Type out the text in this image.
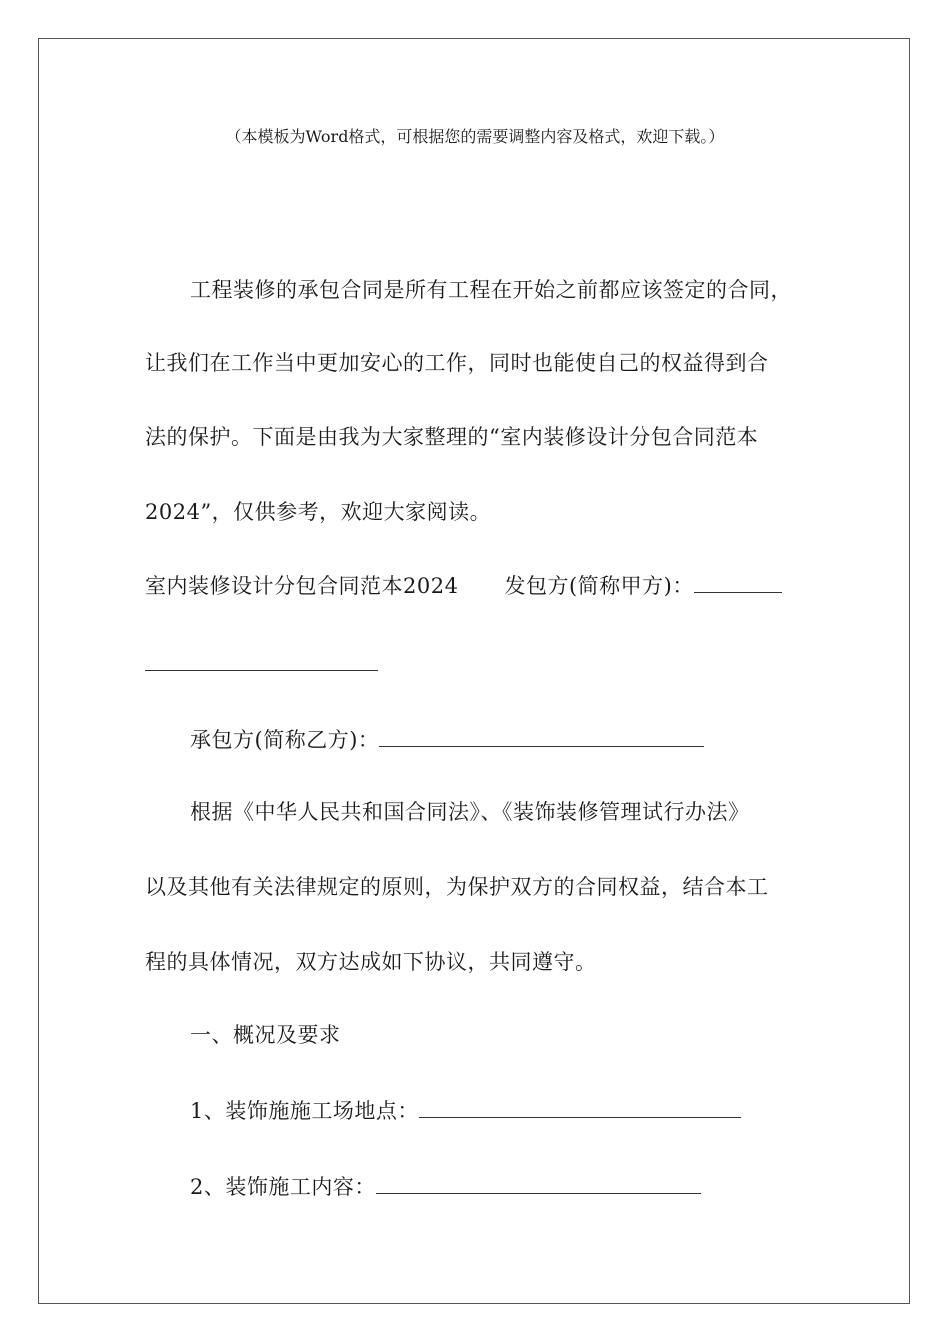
（本模板为Word格式，可根据您的需要调整内容及格式，欢迎下载。）
工程装修的承包合同是所有工程在开始之前都应该签定的合同，
让我们在工作当中更加安心的工作，同时也能使自己的权益得到合
法的保护。下面是由我为大家整理的“室内装修设计分包合同范本
2024”，仅供参考，欢迎大家阅读。
室内装修设计分包合同范本2024 发包方(简称甲方)：
承包方(简称乙方)：
根据《中华人民共和国合同法》、《装饰装修管理试行办法》
以及其他有关法律规定的原则，为保护双方的合同权益，结合本工
程的具体情况，双方达成如下协议，共同遵守。
一、概况及要求
1、装饰施施工场地点：
2、装饰施工内容：
